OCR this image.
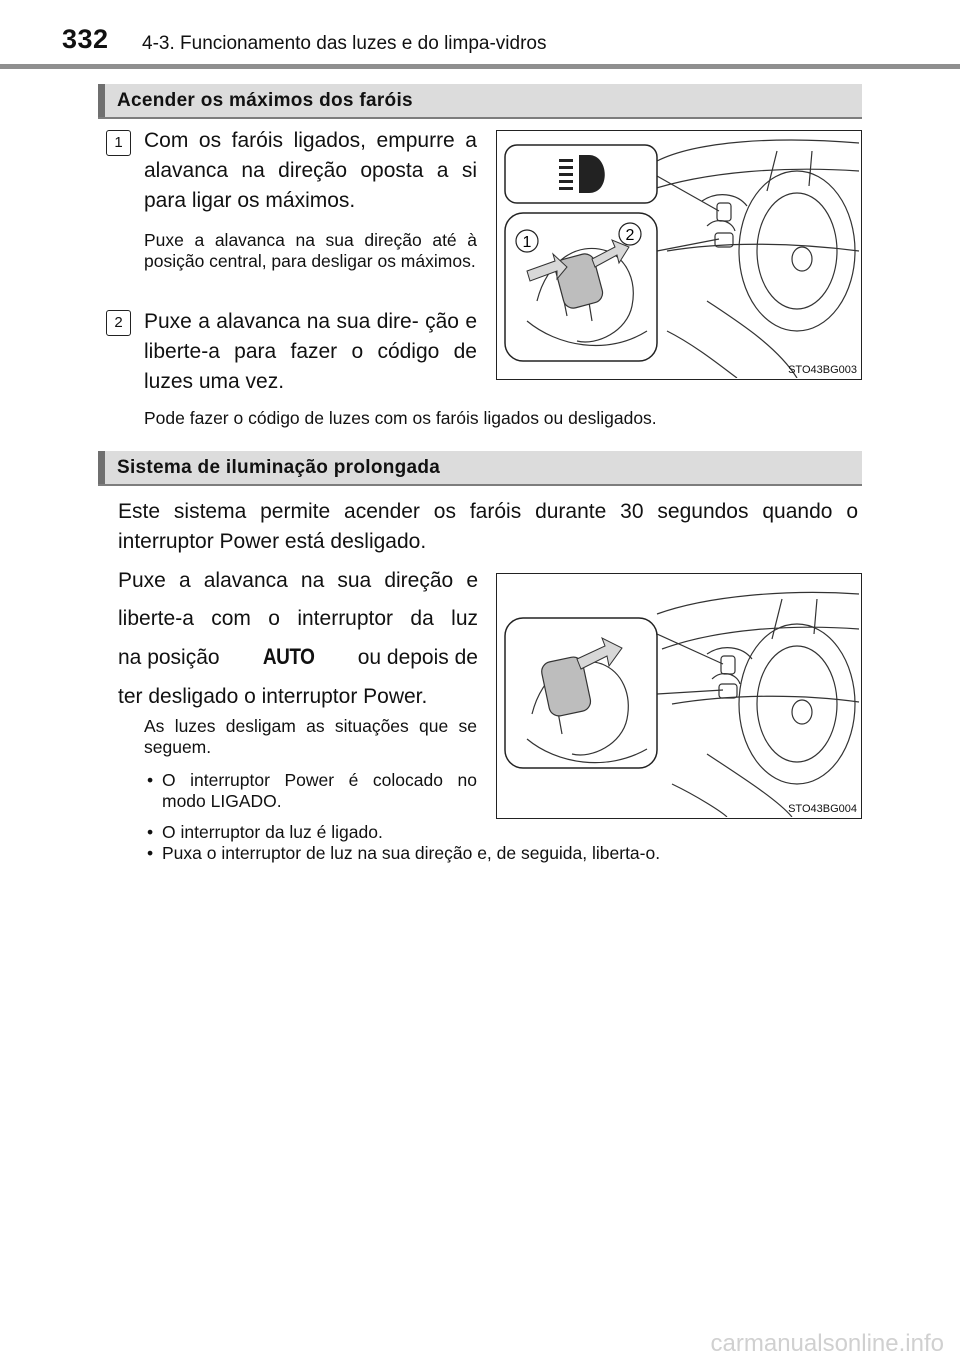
332 4-3. Funcionamento das luzes e do limpa-vidros
Acender os máximos dos faróis
1	Com os faróis ligados, empurre a alavanca na direção oposta a si para ligar os máximos.
Puxe a alavanca na sua direção até à posição central, para desligar os máximos.
2	Puxe a alavanca na sua dire- ção e liberte-a para fazer o código de luzes uma vez.
1	2
STO43BG003
Pode fazer o código de luzes com os faróis ligados ou desligados.
Sistema de iluminação prolongada
Este sistema permite acender os faróis durante 30 segundos quando o interruptor Power está desligado.
Puxe a alavanca na sua direção e
liberte-a com o interruptor da luz
na posição	AUTO	ou depois de
ter desligado o interruptor Power.
STO43BG004
As luzes desligam as situações que se seguem.
• O interruptor Power é colocado no modo LIGADO.
• O interruptor da luz é ligado.
• Puxa o interruptor de luz na sua direção e, de seguida, liberta-o.
carmanualsonline.info
